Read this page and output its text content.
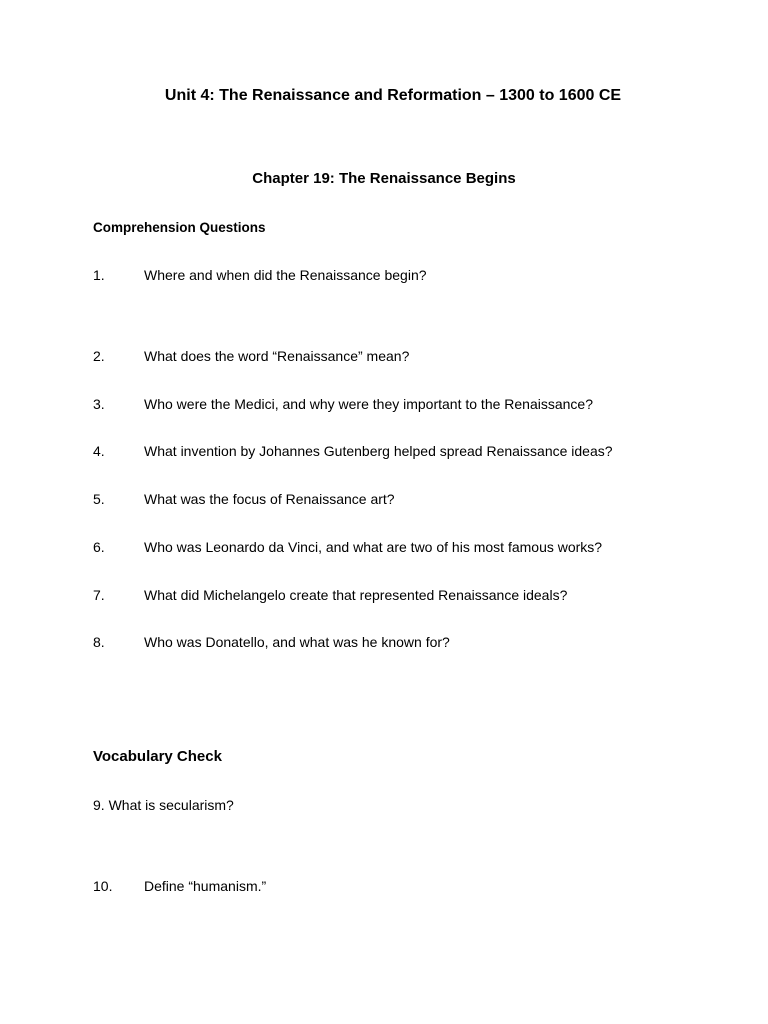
Unit 4: The Renaissance and Reformation – 1300 to 1600 CE
Chapter 19: The Renaissance Begins
Comprehension Questions
1.	Where and when did the Renaissance begin?
2.	What does the word “Renaissance” mean?
3.	Who were the Medici, and why were they important to the Renaissance?
4.	What invention by Johannes Gutenberg helped spread Renaissance ideas?
5.	What was the focus of Renaissance art?
6.	Who was Leonardo da Vinci, and what are two of his most famous works?
7.	What did Michelangelo create that represented Renaissance ideals?
8.	Who was Donatello, and what was he known for?
Vocabulary Check
9. What is secularism?
10. Define “humanism.”
